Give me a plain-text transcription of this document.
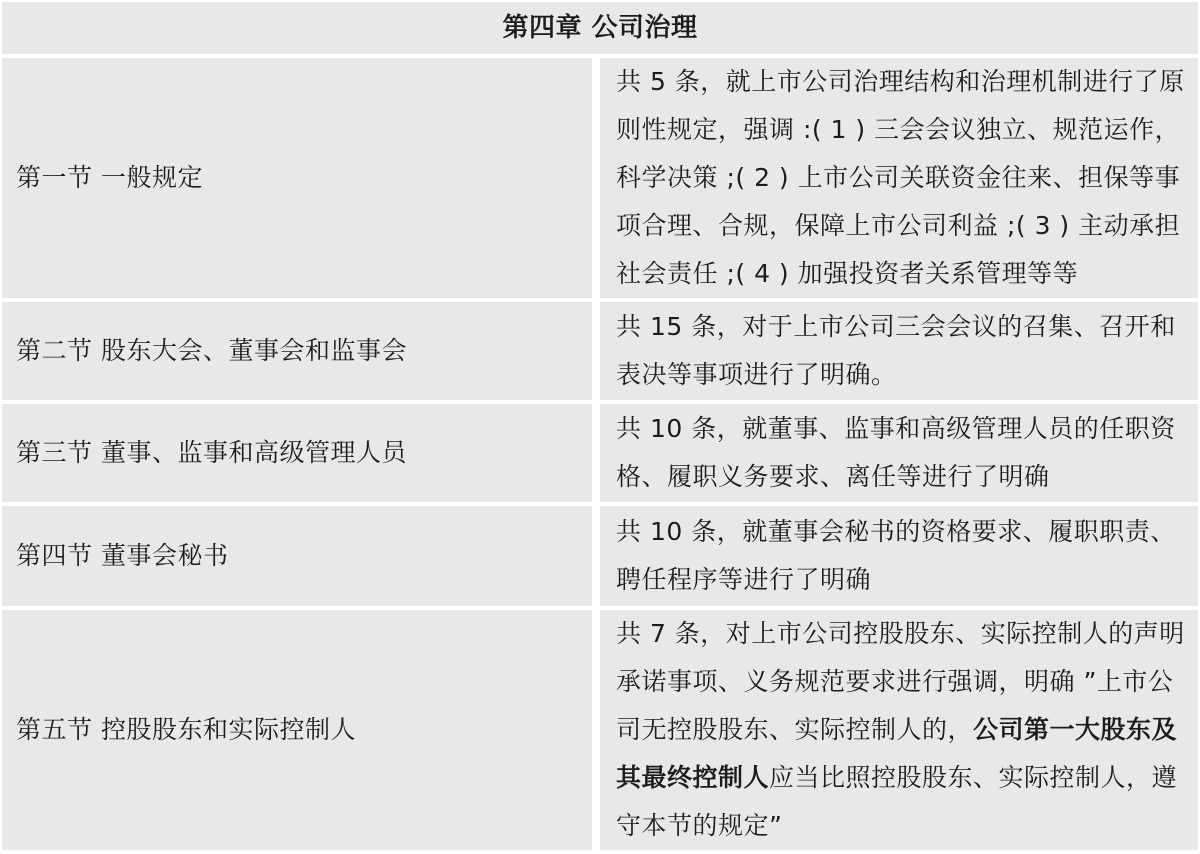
第四章 公司治理	
第一节 一般规定	共 5 条，就上市公司治理结构和治理机制进行了原则性规定，强调 :( 1 ) 三会会议独立、规范运作，科学决策 ;( 2 ) 上市公司关联资金往来、担保等事项合理、合规，保障上市公司利益 ;( 3 ) 主动承担社会责任 ;( 4 ) 加强投资者关系管理等等
第二节 股东大会、董事会和监事会	共 15 条，对于上市公司三会会议的召集、召开和表决等事项进行了明确。
第三节 董事、监事和高级管理人员	共 10 条，就董事、监事和高级管理人员的任职资格、履职义务要求、离任等进行了明确
第四节 董事会秘书	共 10 条，就董事会秘书的资格要求、履职职责、聘任程序等进行了明确
第五节 控股股东和实际控制人	共 7 条，对上市公司控股股东、实际控制人的声明承诺事项、义务规范要求进行强调，明确 ”上市公司无控股股东、实际控制人的，公司第一大股东及其最终控制人应当比照控股股东、实际控制人，遵守本节的规定”
